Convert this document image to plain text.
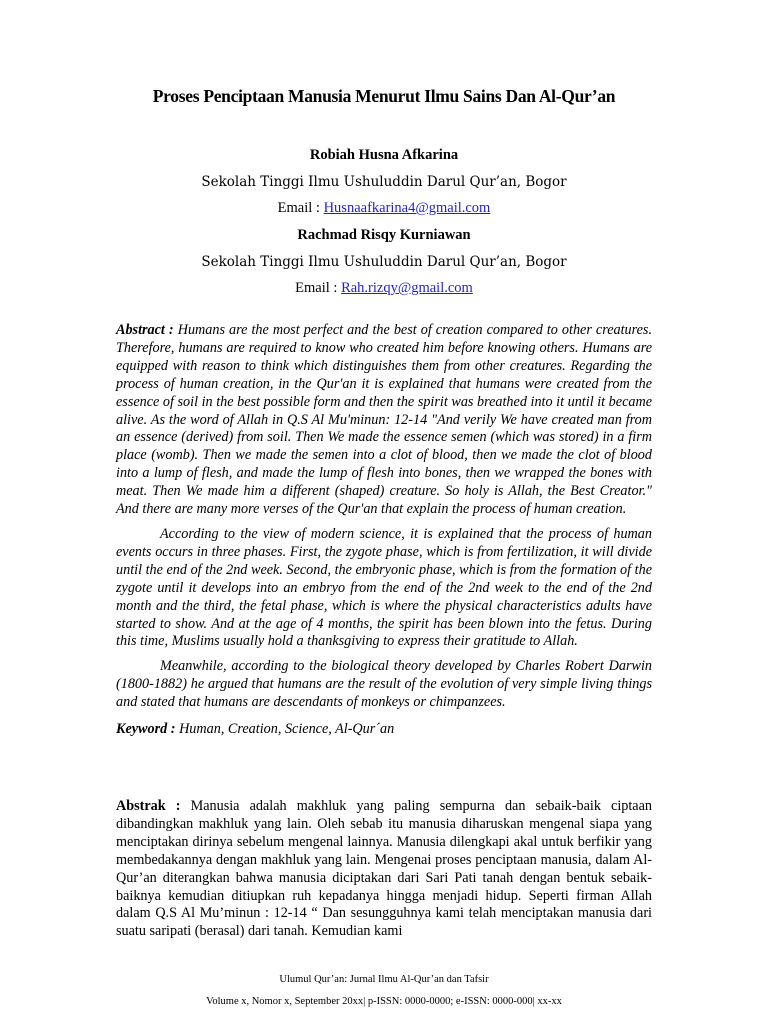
Proses Penciptaan Manusia Menurut Ilmu Sains Dan Al-Qur’an
Robiah Husna Afkarina
Sekolah Tinggi Ilmu Ushuluddin Darul Qur’an, Bogor
Email : Husnaafkarina4@gmail.com
Rachmad Risqy Kurniawan
Sekolah Tinggi Ilmu Ushuluddin Darul Qur’an, Bogor
Email : Rah.rizqy@gmail.com
Abstract : Humans are the most perfect and the best of creation compared to other creatures. Therefore, humans are required to know who created him before knowing others. Humans are equipped with reason to think which distinguishes them from other creatures. Regarding the process of human creation, in the Qur'an it is explained that humans were created from the essence of soil in the best possible form and then the spirit was breathed into it until it became alive. As the word of Allah in Q.S Al Mu'minun: 12-14 "And verily We have created man from an essence (derived) from soil. Then We made the essence semen (which was stored) in a firm place (womb). Then we made the semen into a clot of blood, then we made the clot of blood into a lump of flesh, and made the lump of flesh into bones, then we wrapped the bones with meat. Then We made him a different (shaped) creature. So holy is Allah, the Best Creator." And there are many more verses of the Qur'an that explain the process of human creation.
According to the view of modern science, it is explained that the process of human events occurs in three phases. First, the zygote phase, which is from fertilization, it will divide until the end of the 2nd week. Second, the embryonic phase, which is from the formation of the zygote until it develops into an embryo from the end of the 2nd week to the end of the 2nd month and the third, the fetal phase, which is where the physical characteristics adults have started to show. And at the age of 4 months, the spirit has been blown into the fetus. During this time, Muslims usually hold a thanksgiving to express their gratitude to Allah.
Meanwhile, according to the biological theory developed by Charles Robert Darwin (1800-1882) he argued that humans are the result of the evolution of very simple living things and stated that humans are descendants of monkeys or chimpanzees.
Keyword : Human, Creation, Science, Al-Qur´an
Abstrak : Manusia adalah makhluk yang paling sempurna dan sebaik-baik ciptaan dibandingkan makhluk yang lain. Oleh sebab itu manusia diharuskan mengenal siapa yang menciptakan dirinya sebelum mengenal lainnya. Manusia dilengkapi akal untuk berfikir yang membedakannya dengan makhluk yang lain. Mengenai proses penciptaan manusia, dalam Al-Qur’an diterangkan bahwa manusia diciptakan dari Sari Pati tanah dengan bentuk sebaik-baiknya kemudian ditiupkan ruh kepadanya hingga menjadi hidup. Seperti firman Allah dalam Q.S Al Mu’minun : 12-14 “ Dan sesungguhnya kami telah menciptakan manusia dari suatu saripati (berasal) dari tanah. Kemudian kami
Ulumul Qur’an: Jurnal Ilmu Al-Qur’an dan Tafsir
Volume x, Nomor x, September 20xx| p-ISSN: 0000-0000; e-ISSN: 0000-000| xx-xx
